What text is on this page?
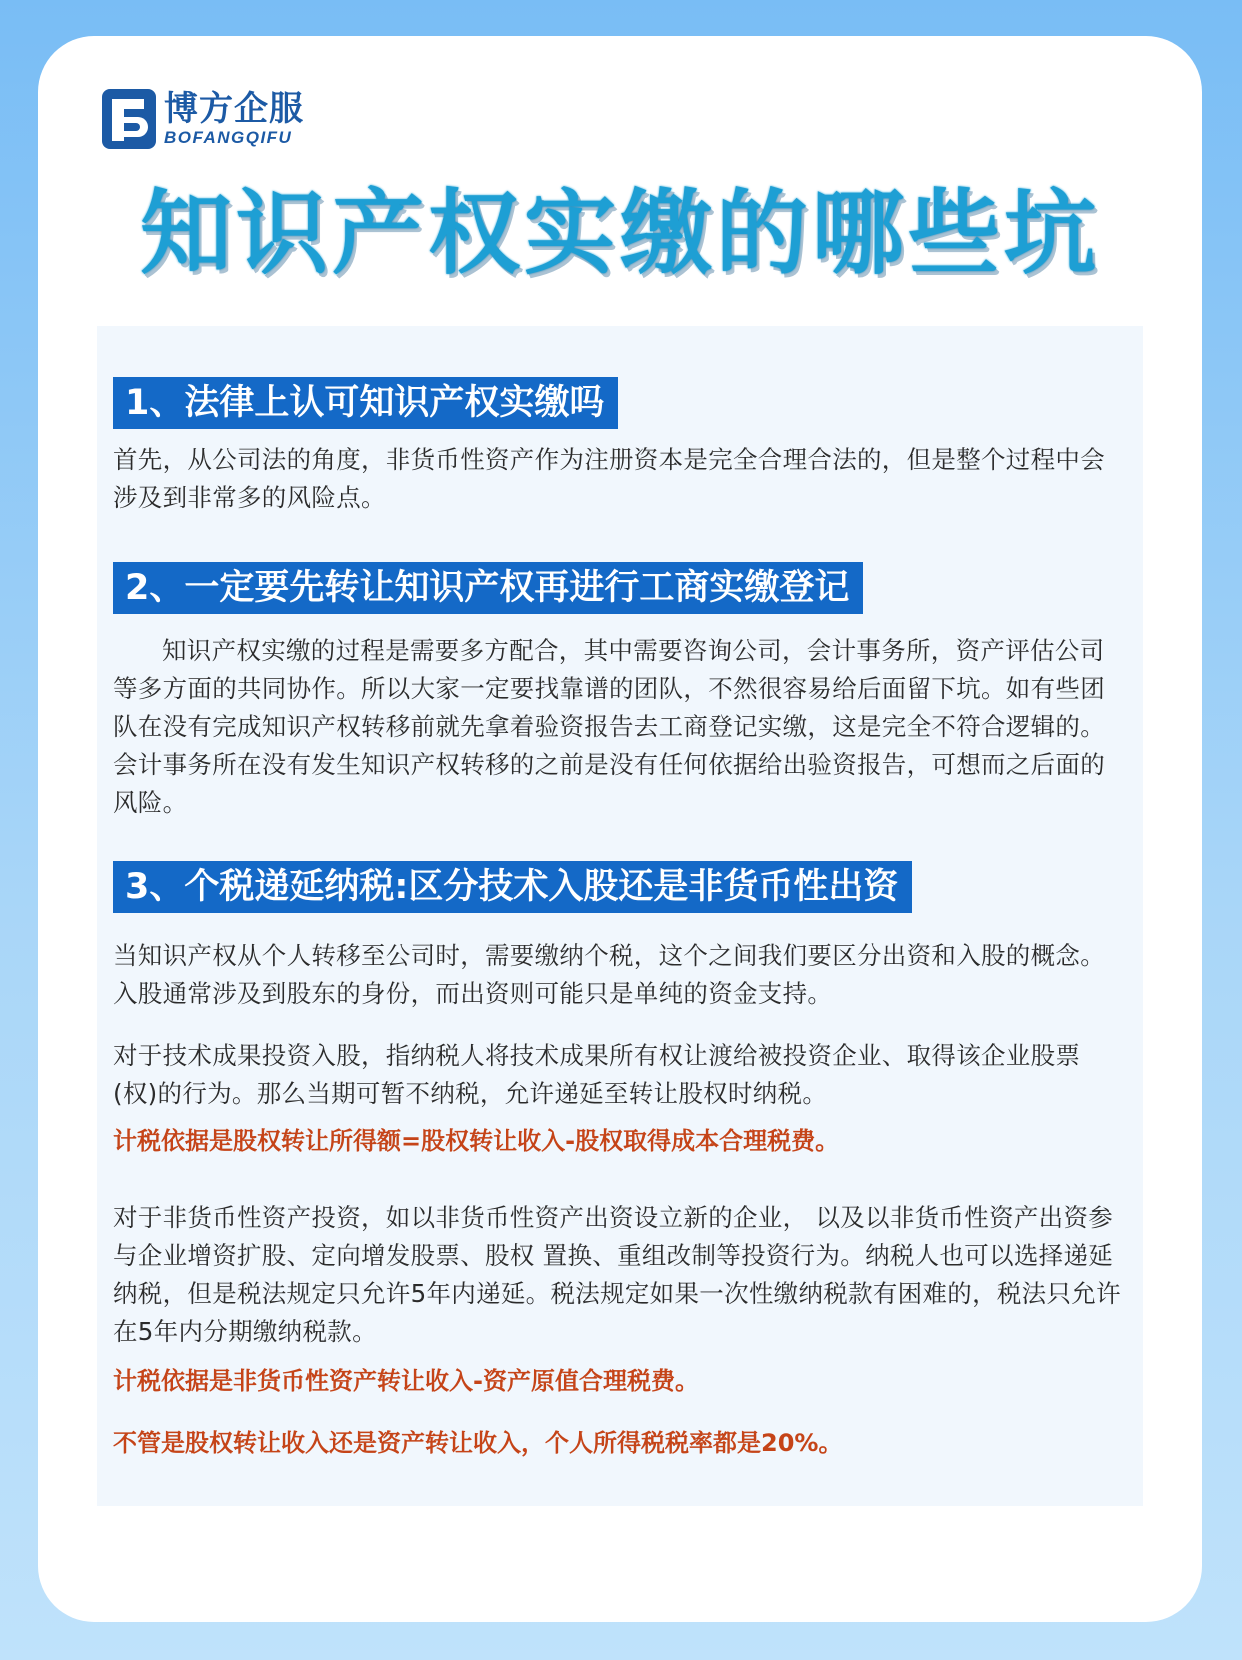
博方企服
BOFANGQIFU
知识产权实缴的哪些坑
1、法律上认可知识产权实缴吗

首先，从公司法的角度，非货币性资产作为注册资本是完全合理合法的，但是整个过程中会涉及到非常多的风险点。

2、一定要先转让知识产权再进行工商实缴登记

知识产权实缴的过程是需要多方配合，其中需要咨询公司，会计事务所，资产评估公司等多方面的共同协作。所以大家一定要找靠谱的团队，不然很容易给后面留下坑。如有些团队在没有完成知识产权转移前就先拿着验资报告去工商登记实缴，这是完全不符合逻辑的。会计事务所在没有发生知识产权转移的之前是没有任何依据给出验资报告，可想而之后面的风险。

3、个税递延纳税:区分技术入股还是非货币性出资

当知识产权从个人转移至公司时，需要缴纳个税，这个之间我们要区分出资和入股的概念。入股通常涉及到股东的身份，而出资则可能只是单纯的资金支持。

对于技术成果投资入股，指纳税人将技术成果所有权让渡给被投资企业、取得该企业股票(权)的行为。那么当期可暂不纳税，允许递延至转让股权时纳税。

计税依据是股权转让所得额=股权转让收入-股权取得成本合理税费。

对于非货币性资产投资，如以非货币性资产出资设立新的企业， 以及以非货币性资产出资参与企业增资扩股、定向增发股票、股权 置换、重组改制等投资行为。纳税人也可以选择递延纳税，但是税法规定只允许5年内递延。税法规定如果一次性缴纳税款有困难的，税法只允许在5年内分期缴纳税款。

计税依据是非货币性资产转让收入-资产原值合理税费。

不管是股权转让收入还是资产转让收入，个人所得税税率都是20%。
